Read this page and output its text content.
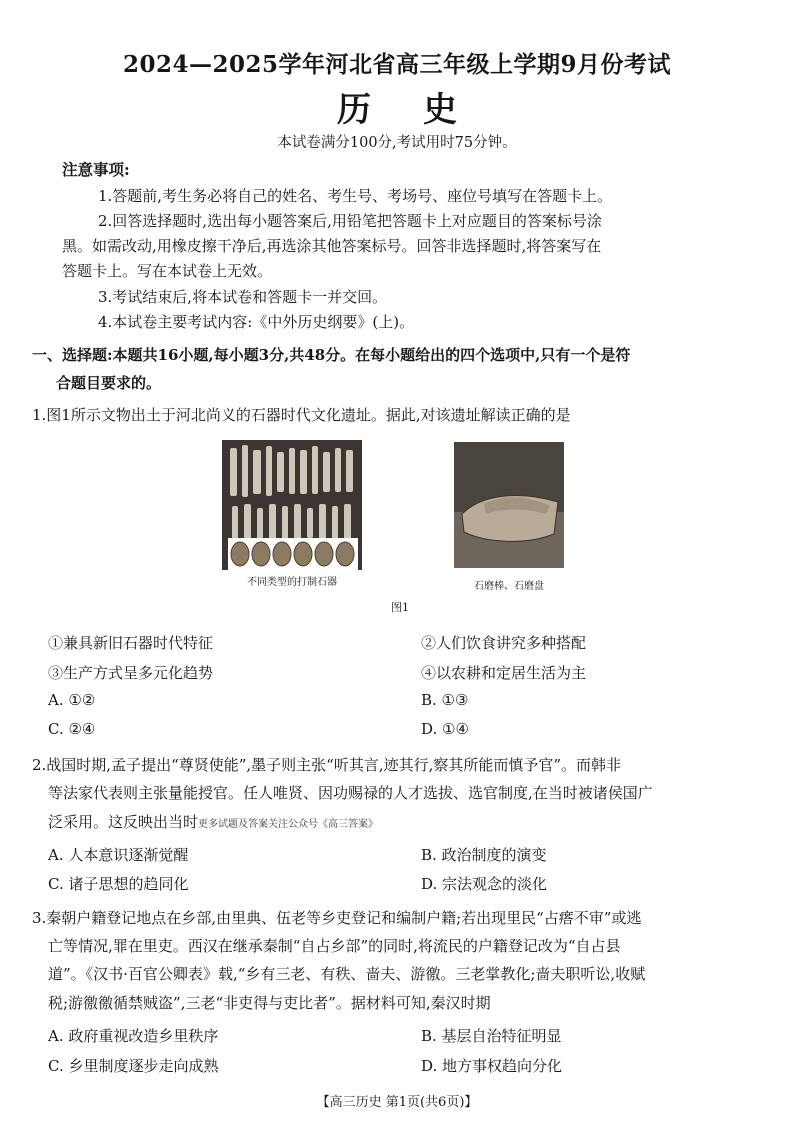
2024—2025学年河北省高三年级上学期9月份考试
历史
本试卷满分100分,考试用时75分钟。
注意事项:
1.答题前,考生务必将自己的姓名、考生号、考场号、座位号填写在答题卡上。
2.回答选择题时,选出每小题答案后,用铅笔把答题卡上对应题目的答案标号涂
黑。如需改动,用橡皮擦干净后,再选涂其他答案标号。回答非选择题时,将答案写在
答题卡上。写在本试卷上无效。
3.考试结束后,将本试卷和答题卡一并交回。
4.本试卷主要考试内容:《中外历史纲要》(上)。
一、选择题:本题共16小题,每小题3分,共48分。在每小题给出的四个选项中,只有一个是符
合题目要求的。
1.图1所示文物出土于河北尚义的石器时代文化遗址。据此,对该遗址解读正确的是
不同类型的打制石器	石磨棒、石磨盘
图1
①兼具新旧石器时代特征	②人们饮食讲究多种搭配
③生产方式呈多元化趋势	④以农耕和定居生活为主
A. ①②	B. ①③
C. ②④	D. ①④
2.战国时期,孟子提出“尊贤使能”,墨子则主张“听其言,迹其行,察其所能而慎予官”。而韩非
等法家代表则主张量能授官。任人唯贤、因功赐禄的人才选拔、选官制度,在当时被诸侯国广
泛采用。这反映出当时更多试题及答案关注公众号《高三答案》
A. 人本意识逐渐觉醒	B. 政治制度的演变
C. 诸子思想的趋同化	D. 宗法观念的淡化
3.秦朝户籍登记地点在乡部,由里典、伍老等乡吏登记和编制户籍;若出现里民“占瘩不审”或逃
亡等情况,罪在里吏。西汉在继承秦制“自占乡部”的同时,将流民的户籍登记改为“自占县
道”。《汉书·百官公卿表》载,“乡有三老、有秩、啬夫、游徼。三老掌教化;啬夫职听讼,收赋
税;游徼徼循禁贼盗”,三老“非吏得与吏比者”。据材料可知,秦汉时期
A. 政府重视改造乡里秩序	B. 基层自治特征明显
C. 乡里制度逐步走向成熟	D. 地方事权趋向分化
【高三历史 第1页(共6页)】
